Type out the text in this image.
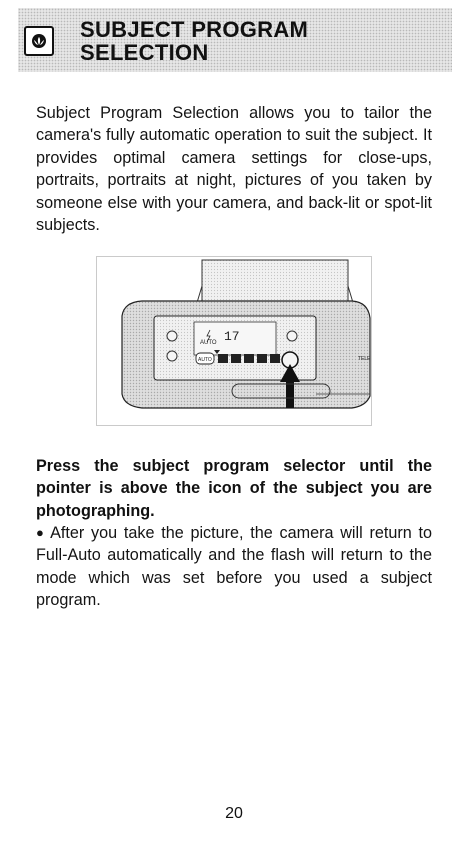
SUBJECT PROGRAM
SELECTION
Subject Program Selection allows you to tailor the camera's fully automatic operation to suit the subject. It provides optimal camera settings for close-ups, portraits, portraits at night, pictures of you taken by someone else with your camera, and back-lit or spot-lit subjects.
AUTO 17
AUTO	TELE
Press the subject program selector until the pointer is above the icon of the subject you are photographing.
● After you take the picture, the camera will return to Full-Auto automatically and the flash will return to the mode which was set before you used a subject program.
20
